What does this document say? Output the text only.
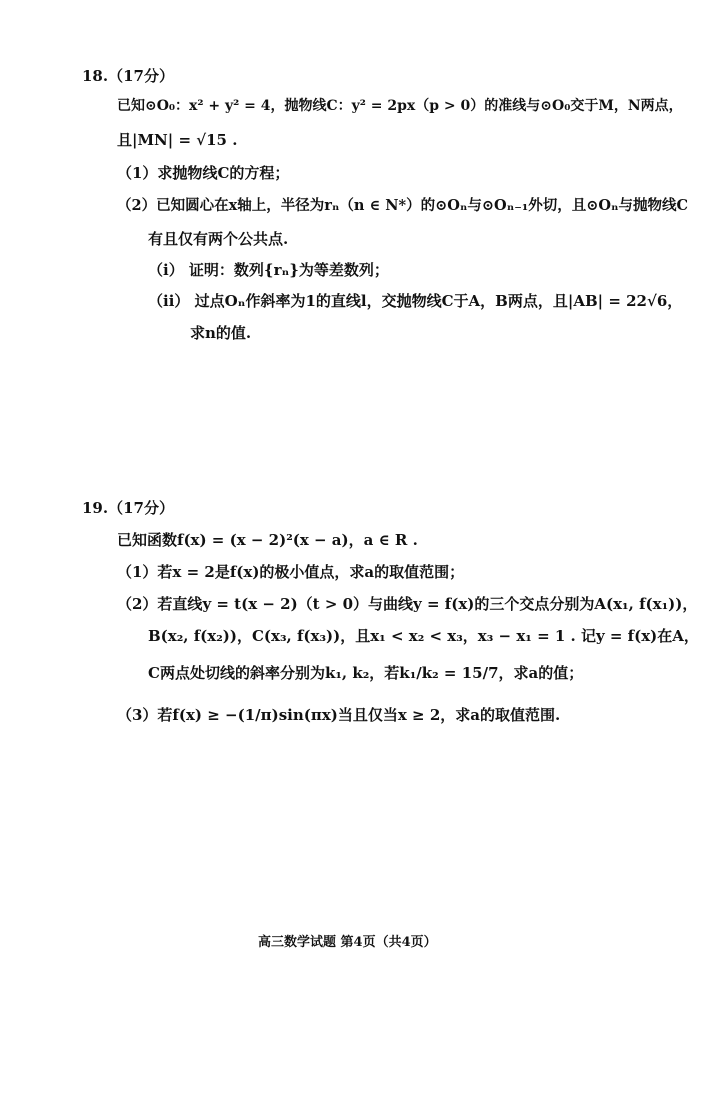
18.（17分）
已知⊙O₀：x² + y² = 4，抛物线C：y² = 2px（p > 0）的准线与⊙O₀交于M，N两点，
且|MN| = √15 .
（1）求抛物线C的方程；
（2）已知圆心在x轴上，半径为rₙ（n ∈ N*）的⊙Oₙ与⊙Oₙ₋₁外切，且⊙Oₙ与抛物线C
有且仅有两个公共点.
（ⅰ） 证明：数列{rₙ}为等差数列；
（ⅱ） 过点Oₙ作斜率为1的直线l，交抛物线C于A，B两点，且|AB| = 22√6，
求n的值.
19.（17分）
已知函数f(x) = (x − 2)²(x − a)，a ∈ R .
（1）若x = 2是f(x)的极小值点，求a的取值范围；
（2）若直线y = t(x − 2)（t > 0）与曲线y = f(x)的三个交点分别为A(x₁, f(x₁))，
B(x₂, f(x₂))，C(x₃, f(x₃))，且x₁ < x₂ < x₃，x₃ − x₁ = 1 . 记y = f(x)在A，
C两点处切线的斜率分别为k₁, k₂，若k₁/k₂ = 15/7，求a的值；
（3）若f(x) ≥ −(1/π)sin(πx)当且仅当x ≥ 2，求a的取值范围.
高三数学试题 第4页（共4页）
